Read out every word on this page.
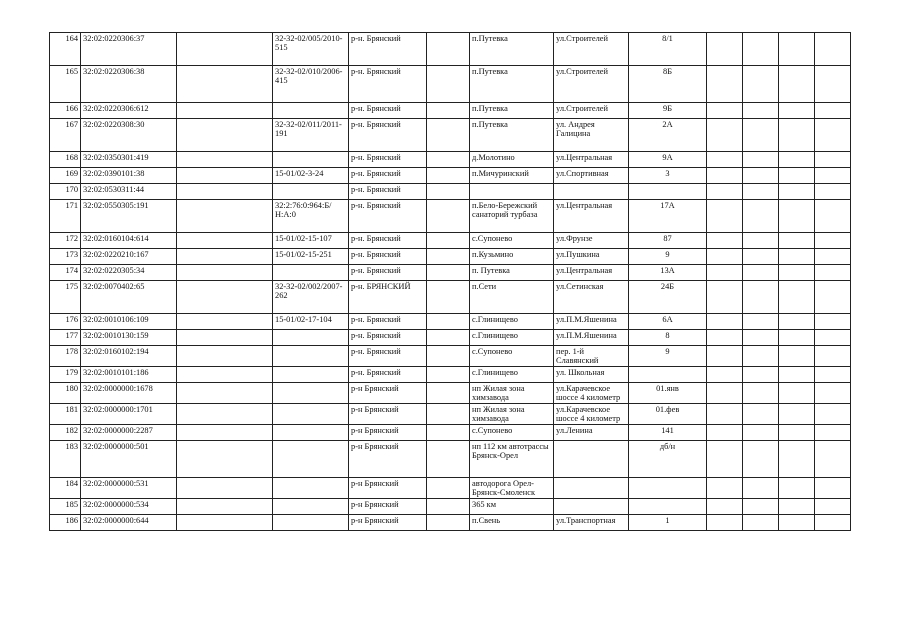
164	32:02:0220306:37		32-32-02/005/2010-515	р-н. Брянский		п.Путевка	ул.Строителей	8/1				
165	32:02:0220306:38		32-32-02/010/2006-415	р-н. Брянский		п.Путевка	ул.Строителей	8Б				
166	32:02:0220306:612			р-н. Брянский		п.Путевка	ул.Строителей	9Б				
167	32:02:0220308:30		32-32-02/011/2011-191	р-н. Брянский		п.Путевка	ул. Андрея Галицина	2А				
168	32:02:0350301:419			р-н. Брянский		д.Молотино	ул.Центральная	9А				
169	32:02:0390101:38		15-01/02-3-24	р-н. Брянский		п.Мичуринский	ул.Спортивная	3				
170	32:02:0530311:44			р-н. Брянский								
171	32:02:0550305:191		32:2:76:0:964:Б/Н:А:0	р-н. Брянский		п.Бело-Бережский санаторий турбаза	ул.Центральная	17А				
172	32:02:0160104:614		15-01/02-15-107	р-н. Брянский		с.Супонево	ул.Фрунзе	87				
173	32:02:0220210:167		15-01/02-15-251	р-н. Брянский		п.Кузьмино	ул.Пушкина	9				
174	32:02:0220305:34			р-н. Брянский		п. Путевка	ул.Центральная	13А				
175	32:02:0070402:65		32-32-02/002/2007-262	р-н. БРЯНСКИЙ		п.Сети	ул.Сетинская	24Б				
176	32:02:0010106:109		15-01/02-17-104	р-н. Брянский		с.Глинищево	ул.П.М.Яшенина	6А				
177	32:02:0010130:159			р-н. Брянский		с.Глинищево	ул.П.М.Яшенина	8				
178	32:02:0160102:194			р-н. Брянский		с.Супонево	пер. 1-й Славянский	9				
179	32:02:0010101:186			р-н. Брянский		с.Глинищево	ул. Школьная					
180	32:02:0000000:1678			р-н Брянский		нп Жилая зона химзавода	ул.Карачевское шоссе 4 километр	01.янв				
181	32:02:0000000:1701			р-н Брянский		нп Жилая зона химзавода	ул.Карачевское шоссе 4 километр	01.фев				
182	32:02:0000000:2287			р-н Брянский		с.Супонево	ул.Ленина	141				
183	32:02:0000000:501			р-н Брянский		нп 112 км автотрассы Брянск-Орел		дб/н				
184	32:02:0000000:531			р-н Брянский		автодорога Орел-Брянск-Смоленск						
185	32:02:0000000:534			р-н Брянский		365 км						
186	32:02:0000000:644			р-н Брянский		п.Свень	ул.Транспортная	1				
